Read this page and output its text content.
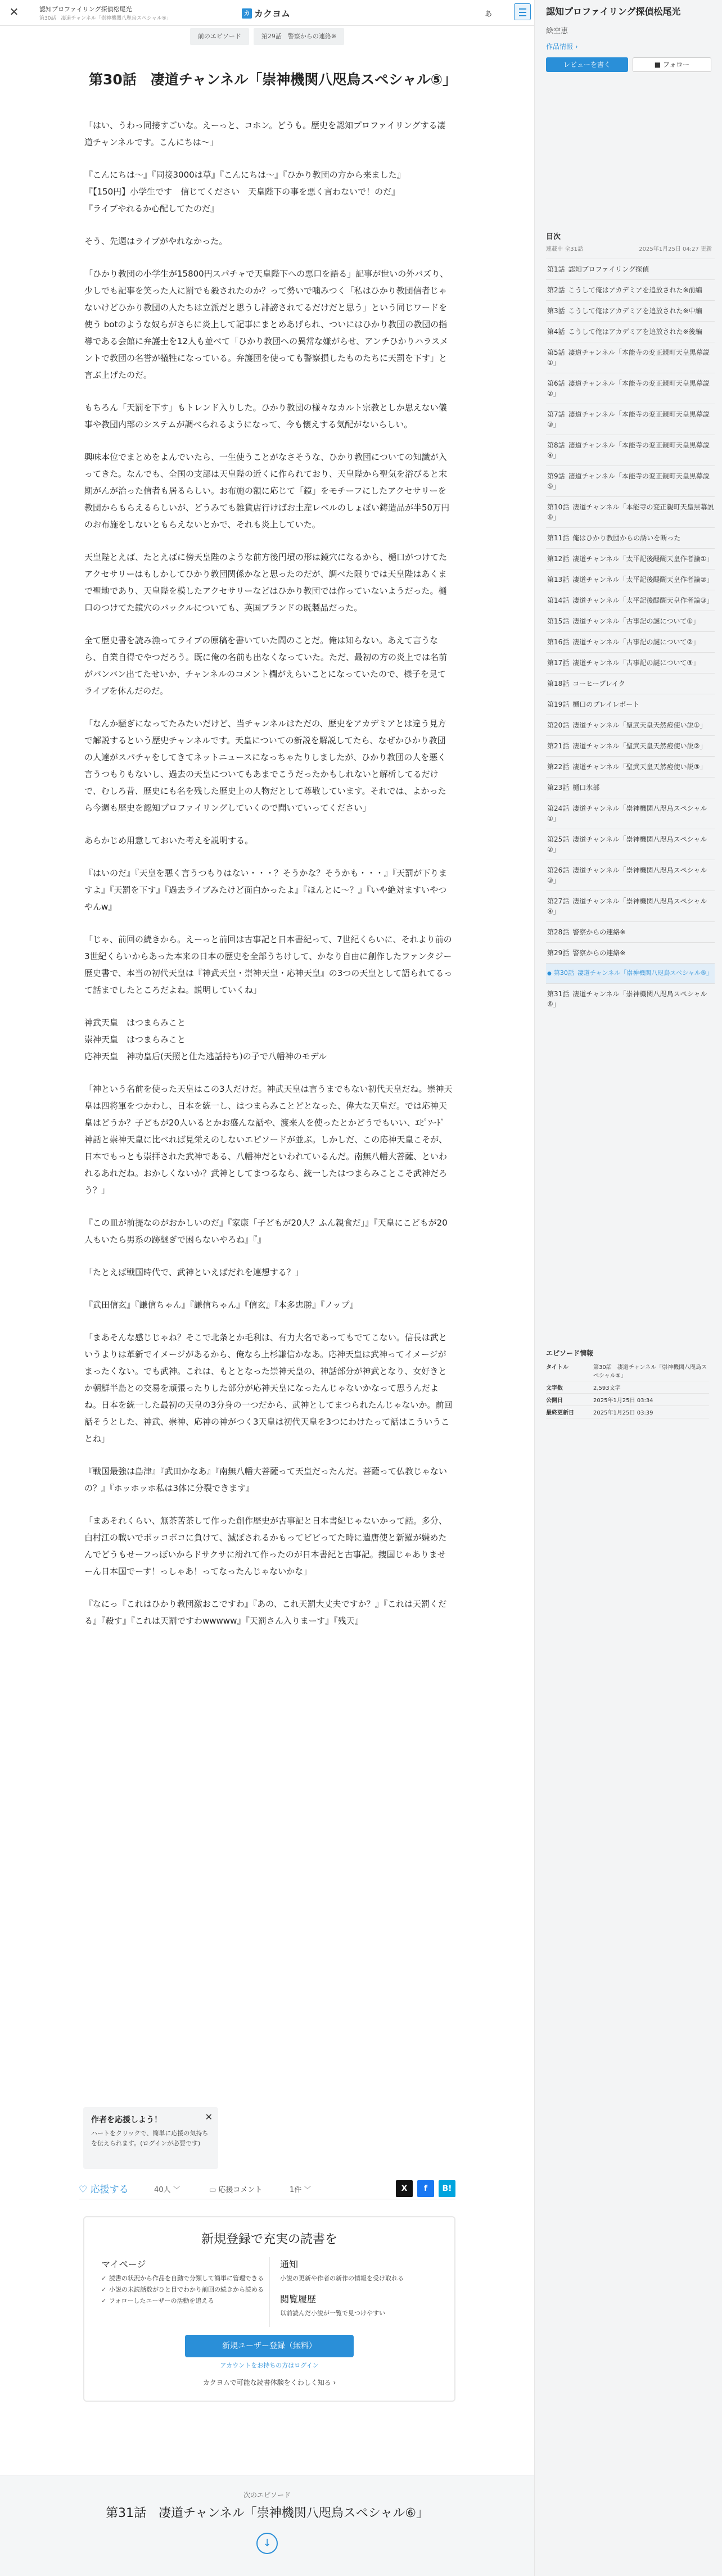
✕	認知プロファイリング探偵松尾光
第30話　凄道チャンネル「崇神機関八咫烏スペシャル⑤」
カ カクヨム	あ
前のエピソード	第29話　警察からの連絡※
第30話　凄道チャンネル「崇神機関八咫烏スペシャル⑤」

「はい、うわっ同接すごいな。えーっと、コホン。どうも。歴史を認知プロファイリングする凄道チャンネルです。こんにちは〜」

『こんにちは〜』『同接3000は草』『こんにちは〜』『ひかり教団の方から来ました』
『【150円】小学生です　信じてください　天皇陛下の事を悪く言わないで！のだ』
『ライブやれるか心配してたのだ』

そう、先週はライブがやれなかった。

「ひかり教団の小学生が15800円スパチャで天皇陛下への悪口を語る」記事が世いの外バズり、少しでも記事を笑った人に罰でも殺されたのか？って勢いで噛みつく「私はひかり教団信者じゃないけどひかり教団の人たちは立派だと思うし誹謗されてるだけだと思う」という同じワードを使う botのような奴らがさらに炎上して記事にまとめあげられ、ついにはひかり教団の教団の指導である会館に弁護士を12人も並べて「ひかり教団への異常な嫌がらせ、アンチひかりハラスメントで教団の名誉が犠牲になっている。弁護団を使っても警察損したものたちに天罰を下す」と言ぶ上げたのだ。

もちろん「天罰を下す」もトレンド入りした。ひかり教団の様々なカルト宗教としか思えない儀事や教団内部のシステムが調べられるようになって、今も懐えする気配がないらしい。

興味本位でまとめをよんでいたら、一生使うことがなさそうな、ひかり教団についての知識が入ってきた。なんでも、全国の支部は天皇陛の近くに作られており、天皇陛から聖気を浴びると末期がんが治った信者も居るらしい。お布施の額に応じて「鏡」をモチーフにしたアクセサリーを教団からもらえるらしいが、どうみても雑貨店行けばお土産レベルのしょぼい鋳造品が半50万円のお布施をしないともらえないとかで、それも炎上していた。

天皇陛とえば、たとえばに傍天皇陛のような前方後円墳の形は鏡穴になるから、樋口がつけてたアクセサリーはもしかしてひかり教団関係かなと思ったのだが、調べた限りでは天皇陛はあくまで聖地であり、天皇陛を模したアクセサリーなどはひかり教団では作っていないようだった。樋口のつけてた鏡穴のバックルについても、英国ブランドの既製品だった。

全て歴史書を読み漁ってライブの原稿を書いていた間のことだ。俺は知らない。あえて言うなら、自業自得でやつだろう。既に俺の名前も出なくなっていた。ただ、最初の方の炎上では名前がバンバン出てたせいか、チャンネルのコメント欄がえらいことになっていたので、様子を見てライブを休んだのだ。

「なんか騒ぎになってたみたいだけど、当チャンネルはただの、歴史をアカデミアとは違う見方で解説するという歴史チャンネルです。天皇についての新説を解説してたら、なぜかひかり教団の人達がスパチャをしてきてネットニュースになっちゃたりしましたが、ひかり教団の人を悪く言うつもりもないし、過去の天皇についてもあまでこうだったかもしれないと解析してるだけで、むしろ昔、歴史にも名を残した歴史上の人物だとして尊敬しています。それでは、よかったら今週も歴史を認知プロファイリングしていくので聞いていってください」

あらかじめ用意しておいた考えを説明する。

『はいのだ』『天皇を悪く言うつもりはない・・・？そうかな？そうかも・・・』『天罰が下りますよ』『天罰を下す』『過去ライブみたけど面白かったよ』『ほんとに〜？』『いや絶対ますいやつやんw』

「じゃ、前回の続きから。えーっと前回は古事記と日本書紀って、7世紀くらいに、それより前の3世紀くらいからあった本来の日本の歴史を全部うちけして、かなり自由に創作したファンタジー歴史書で、本当の初代天皇は『神武天皇・崇神天皇・応神天皇』の3つの天皇として語られてるって話までしたところだよね。説明していくね」

神武天皇　はつまらみこと
崇神天皇　はつまらみこと
応神天皇　神功皇后(天照と仕た逃話持ち)の子で八幡神のモデル

「神という名前を使った天皇はこの3人だけだ。神武天皇は言うまでもない初代天皇だね。崇神天皇は四将軍をつかわし、日本を統一し、はつまらみことどとなった、偉大な天皇だ。では応神天皇はどうか？子どもが20人いるとかお盛んな話や、渡来人を使ったとかどうでもいい、ｴﾋﾟｿｰﾄﾞ　神話と崇神天皇に比べれば見栄えのしないエピソードが並ぶ。しかしだ、この応神天皇こそが、日本でもっとも崇拝された武神である、八幡神だといわれているんだ。南無八幡大菩薩、といわれるあれだね。おかしくないか？武神としてまつるなら、統一したはつまらみことこそ武神だろう？」

『この皿が前提なのがおかしいのだ』『家康「子どもが20人？ふん親食だ」』『天皇にこどもが20人もいたら男系の跡継ぎで困らないやろね』『』

「たとえば戦国時代で、武神といえばだれを連想する？」

『武田信玄』『謙信ちゃん』『謙信ちゃん』『信玄』『本多忠勝』『ノップ』

「まあそんな感じじゃね？そこで北条とか毛利は、有力大名であってもでてこない。信長は武というよりは革新でイメージがあるから、俺なら上杉謙信かなあ。応神天皇は武神ってイメージがまったくない。でも武神。これは、もととなった崇神天皇の、神話部分が神武となり、女好きとか朝鮮半島との交易を頑張ったりした部分が応神天皇になったんじゃないかなって思うんだよね。日本を統一した最初の天皇の3分身の一つだから、武神としてまつられたんじゃないか。前回話そうとした、神武、崇神、応神の神がつく3天皇は初代天皇を3つにわけたって話はこういうことね」

『戦国最強は島津』『武田かなあ』『南無八幡大菩薩って天皇だったんだ。菩薩って仏教じゃないの？』『ホッホッホ私は3体に分裂できます』

「まあそれくらい、無茶苦茶して作った創作歴史が古事記と日本書紀じゃないかって話。多分、白村江の戦いでボッコボコに負けて、滅ぼされるかもってビビってた時に遣唐使と新羅が嫌めたんでどうもせーフっぽいからドサクサに紛れて作ったのが日本書紀と古事記。捜国じゃありませーん日本国でーす！っしゃあ！ってなったんじゃないかな」

『なにっ『これはひかり教団激おこですわ』『あの、これ天罰大丈夫ですか？』『これは天罰くだる』『殺す』『これは天罰ですわwwwww』『天罰さん入りまーす』『残天』

作者を応援しよう！
ハートをクリックで、簡単に応援の気持ちを伝えられます。(ログインが必要です)
✕
♡ 応援する	40人 ﹀	▭ 応援コメント	1件 ﹀	X	f	B!
新規登録で充実の読書を
マイページ
✓ 読書の状況から作品を自動で分類して簡単に管理できる
✓ 小説の未読話数がひと目でわかり前回の続きから読める
✓ フォローしたユーザーの活動を追える
通知
小説の更新や作者の新作の情報を受け取れる
閲覧履歴
以前読んだ小説が一覧で見つけやすい
新規ユーザー登録（無料）
アカウントをお持ちの方はログイン
カクヨムで可能な読書体験をくわしく知る ›
次のエピソード
第31話　凄道チャンネル「崇神機関八咫烏スペシャル⑥」
↓
認知プロファイリング探偵松尾光
絵空恵
作品情報 ›
レビューを書く	■ フォロー
目次
連載中 全31話	2025年1月25日 04:27 更新
第1話 認知プロファイリング探偵
第2話 こうして俺はアカデミアを追放された※前編
第3話 こうして俺はアカデミアを追放された※中編
第4話 こうして俺はアカデミアを追放された※後編
第5話 凄道チャンネル「本能寺の変正親町天皇黒幕説①」
第6話 凄道チャンネル「本能寺の変正親町天皇黒幕説②」
第7話 凄道チャンネル「本能寺の変正親町天皇黒幕説③」
第8話 凄道チャンネル「本能寺の変正親町天皇黒幕説④」
第9話 凄道チャンネル「本能寺の変正親町天皇黒幕説⑤」
第10話 凄道チャンネル「本能寺の変正親町天皇黒幕説⑥」
第11話 俺はひかり教団からの誘いを断った
第12話 凄道チャンネル「太平記後醍醐天皇作者論①」
第13話 凄道チャンネル「太平記後醍醐天皇作者論②」
第14話 凄道チャンネル「太平記後醍醐天皇作者論③」
第15話 凄道チャンネル「古事記の謎について①」
第16話 凄道チャンネル「古事記の謎について②」
第17話 凄道チャンネル「古事記の謎について③」
第18話 コーヒーブレイク
第19話 樋口のプレイレポート
第20話 凄道チャンネル「聖武天皇天然痘使い説①」
第21話 凄道チャンネル「聖武天皇天然痘使い説②」
第22話 凄道チャンネル「聖武天皇天然痘使い説③」
第23話 樋口氷部
第24話 凄道チャンネル「崇神機関八咫烏スペシャル①」
第25話 凄道チャンネル「崇神機関八咫烏スペシャル②」
第26話 凄道チャンネル「崇神機関八咫烏スペシャル③」
第27話 凄道チャンネル「崇神機関八咫烏スペシャル④」
第28話 警察からの連絡※
第29話 警察からの連絡※
● 第30話 凄道チャンネル「崇神機関八咫烏スペシャル⑤」
第31話 凄道チャンネル「崇神機関八咫烏スペシャル⑥」
エピソード情報
タイトル	第30話　凄道チャンネル「崇神機関八咫烏スペシャル⑤」
文字数	2,593文字
公開日	2025年1月25日 03:34
最終更新日	2025年1月25日 03:39
